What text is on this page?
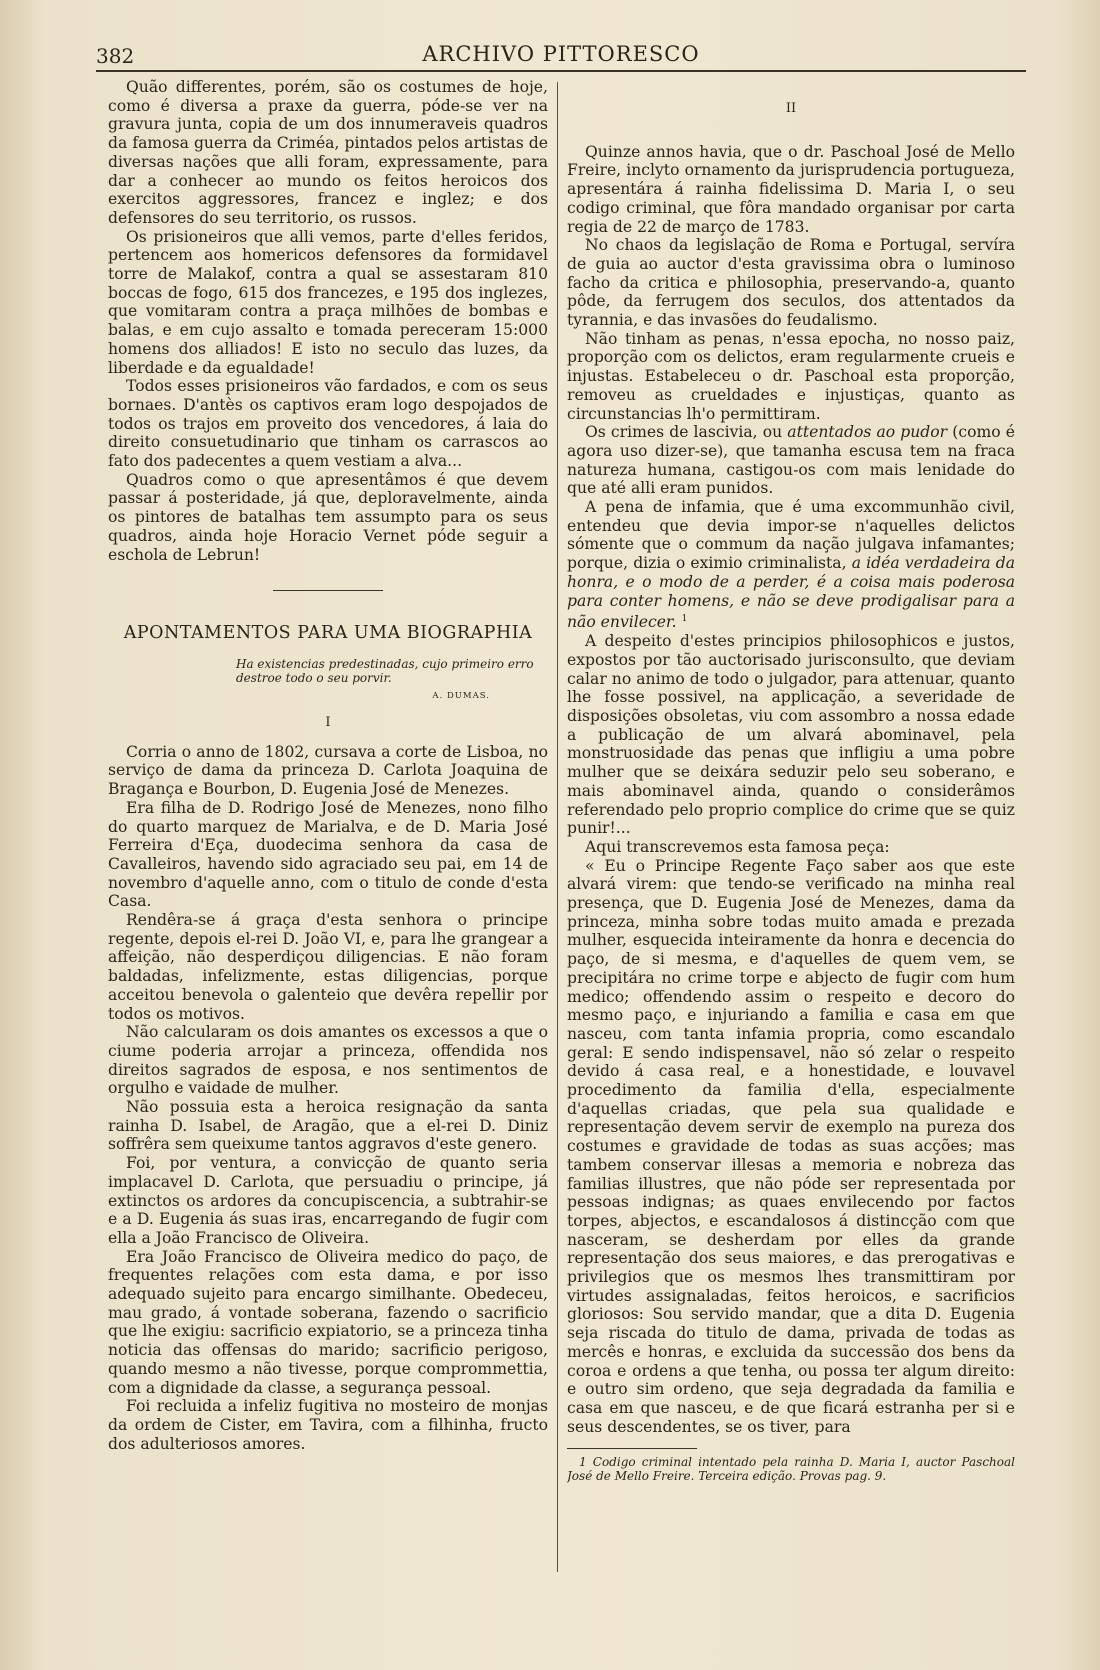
382	ARCHIVO PITTORESCO

Quão differentes, porém, são os costumes de hoje, como é diversa a praxe da guerra, póde-se ver na gravura junta, copia de um dos innumeraveis quadros da famosa guerra da Criméa, pintados pelos artistas de diversas nações que alli foram, expressamente, para dar a conhecer ao mundo os feitos heroicos dos exercitos aggressores, francez e inglez; e dos defensores do seu territorio, os russos.

Os prisioneiros que alli vemos, parte d'elles feridos, pertencem aos homericos defensores da formidavel torre de Malakof, contra a qual se assestaram 810 boccas de fogo, 615 dos francezes, e 195 dos inglezes, que vomitaram contra a praça milhões de bombas e balas, e em cujo assalto e tomada pereceram 15:000 homens dos alliados! E isto no seculo das luzes, da liberdade e da egualdade!

Todos esses prisioneiros vão fardados, e com os seus bornaes. D'antès os captivos eram logo despojados de todos os trajos em proveito dos vencedores, á laia do direito consuetudinario que tinham os carrascos ao fato dos padecentes a quem vestiam a alva...

Quadros como o que apresentâmos é que devem passar á posteridade, já que, deploravelmente, ainda os pintores de batalhas tem assumpto para os seus quadros, ainda hoje Horacio Vernet póde seguir a eschola de Lebrun!

APONTAMENTOS PARA UMA BIOGRAPHIA

Ha existencias predestinadas, cujo primeiro erro destroe todo o seu porvir.

A. DUMAS.

I

Corria o anno de 1802, cursava a corte de Lisboa, no serviço de dama da princeza D. Carlota Joaquina de Bragança e Bourbon, D. Eugenia José de Menezes.

Era filha de D. Rodrigo José de Menezes, nono filho do quarto marquez de Marialva, e de D. Maria José Ferreira d'Eça, duodecima senhora da casa de Cavalleiros, havendo sido agraciado seu pai, em 14 de novembro d'aquelle anno, com o titulo de conde d'esta Casa.

Rendêra-se á graça d'esta senhora o principe regente, depois el-rei D. João VI, e, para lhe grangear a affeição, não desperdiçou diligencias. E não foram baldadas, infelizmente, estas diligencias, porque acceitou benevola o galenteio que devêra repellir por todos os motivos.

Não calcularam os dois amantes os excessos a que o ciume poderia arrojar a princeza, offendida nos direitos sagrados de esposa, e nos sentimentos de orgulho e vaidade de mulher.

Não possuia esta a heroica resignação da santa rainha D. Isabel, de Aragão, que a el-rei D. Diniz soffrêra sem queixume tantos aggravos d'este genero.

Foi, por ventura, a convicção de quanto seria implacavel D. Carlota, que persuadiu o principe, já extinctos os ardores da concupiscencia, a subtrahir-se e a D. Eugenia ás suas iras, encarregando de fugir com ella a João Francisco de Oliveira.

Era João Francisco de Oliveira medico do paço, de frequentes relações com esta dama, e por isso adequado sujeito para encargo similhante. Obedeceu, mau grado, á vontade soberana, fazendo o sacrificio que lhe exigiu: sacrificio expiatorio, se a princeza tinha noticia das offensas do marido; sacrificio perigoso, quando mesmo a não tivesse, porque comprommettia, com a dignidade da classe, a segurança pessoal.

Foi recluida a infeliz fugitiva no mosteiro de monjas da ordem de Cister, em Tavira, com a filhinha, fructo dos adulteriosos amores.

II

Quinze annos havia, que o dr. Paschoal José de Mello Freire, inclyto ornamento da jurisprudencia portugueza, apresentára á rainha fidelissima D. Maria I, o seu codigo criminal, que fôra mandado organisar por carta regia de 22 de março de 1783.

No chaos da legislação de Roma e Portugal, servíra de guia ao auctor d'esta gravissima obra o luminoso facho da critica e philosophia, preservando-a, quanto pôde, da ferrugem dos seculos, dos attentados da tyrannia, e das invasões do feudalismo.

Não tinham as penas, n'essa epocha, no nosso paiz, proporção com os delictos, eram regularmente crueis e injustas. Estabeleceu o dr. Paschoal esta proporção, removeu as crueldades e injustiças, quanto as circunstancias lh'o permittiram.

Os crimes de lascivia, ou attentados ao pudor (como é agora uso dizer-se), que tamanha escusa tem na fraca natureza humana, castigou-os com mais lenidade do que até alli eram punidos.

A pena de infamia, que é uma excommunhão civil, entendeu que devia impor-se n'aquelles delictos sómente que o commum da nação julgava infamantes; porque, dizia o eximio criminalista, a idéa verdadeira da honra, e o modo de a perder, é a coisa mais poderosa para conter homens, e não se deve prodigalisar para a não envilecer. $^1$

A despeito d'estes principios philosophicos e justos, expostos por tão auctorisado jurisconsulto, que deviam calar no animo de todo o julgador, para attenuar, quanto lhe fosse possivel, na applicação, a severidade de disposições obsoletas, viu com assombro a nossa edade a publicação de um alvará abominavel, pela monstruosidade das penas que infligiu a uma pobre mulher que se deixára seduzir pelo seu soberano, e mais abominavel ainda, quando o considerâmos referendado pelo proprio complice do crime que se quiz punir!...

Aqui transcrevemos esta famosa peça:

« Eu o Principe Regente Faço saber aos que este alvará virem: que tendo-se verificado na minha real presença, que D. Eugenia José de Menezes, dama da princeza, minha sobre todas muito amada e prezada mulher, esquecida inteiramente da honra e decencia do paço, de si mesma, e d'aquelles de quem vem, se precipitára no crime torpe e abjecto de fugir com hum medico; offendendo assim o respeito e decoro do mesmo paço, e injuriando a familia e casa em que nasceu, com tanta infamia propria, como escandalo geral: E sendo indispensavel, não só zelar o respeito devido á casa real, e a honestidade, e louvavel procedimento da familia d'ella, especialmente d'aquellas criadas, que pela sua qualidade e representação devem servir de exemplo na pureza dos costumes e gravidade de todas as suas acções; mas tambem conservar illesas a memoria e nobreza das familias illustres, que não póde ser representada por pessoas indignas; as quaes envilecendo por factos torpes, abjectos, e escandalosos á distincção com que nasceram, se desherdam por elles da grande representação dos seus maiores, e das prerogativas e privilegios que os mesmos lhes transmittiram por virtudes assignaladas, feitos heroicos, e sacrificios gloriosos: Sou servido mandar, que a dita D. Eugenia seja riscada do titulo de dama, privada de todas as mercês e honras, e excluida da successão dos bens da coroa e ordens a que tenha, ou possa ter algum direito: e outro sim ordeno, que seja degradada da familia e casa em que nasceu, e de que ficará estranha per si e seus descendentes, se os tiver, para

1 Codigo criminal intentado pela rainha D. Maria I, auctor Paschoal José de Mello Freire. Terceira edição. Provas pag. 9.
